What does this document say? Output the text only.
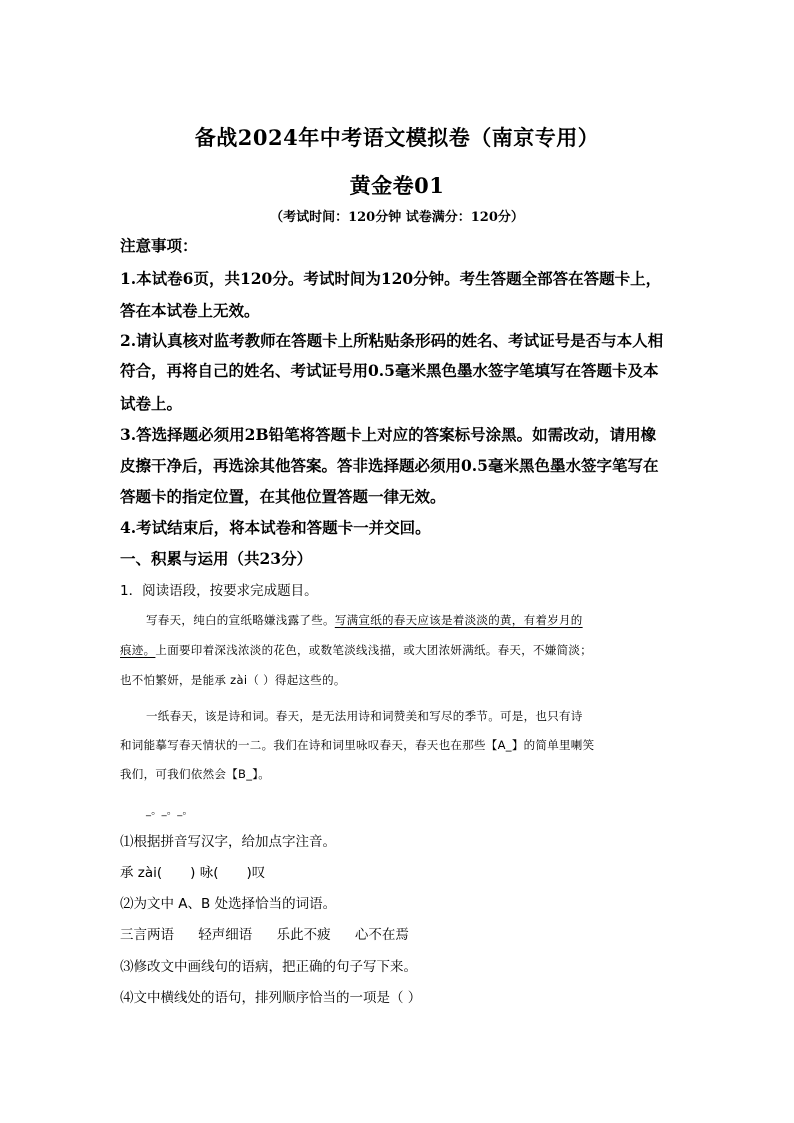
备战2024年中考语文模拟卷（南京专用）
黄金卷01
（考试时间：120分钟 试卷满分：120分）
注意事项：
1.本试卷6页，共120分。考试时间为120分钟。考生答题全部答在答题卡上，
答在本试卷上无效。
2.请认真核对监考教师在答题卡上所粘贴条形码的姓名、考试证号是否与本人相
符合，再将自己的姓名、考试证号用0.5毫米黑色墨水签字笔填写在答题卡及本
试卷上。
3.答选择题必须用2B铅笔将答题卡上对应的答案标号涂黑。如需改动，请用橡
皮擦干净后，再选涂其他答案。答非选择题必须用0.5毫米黑色墨水签字笔写在
答题卡的指定位置，在其他位置答题一律无效。
4.考试结束后，将本试卷和答题卡一并交回。
一、积累与运用（共23分）
1．阅读语段，按要求完成题目。
写春天，纯白的宣纸略嫌浅露了些。写满宣纸的春天应该是着淡淡的黄，有着岁月的
痕迹。上面要印着深浅浓淡的花色，或数笔淡线浅描，或大团浓妍满纸。春天，不嫌简淡；
也不怕繁妍，是能承 zài（ ）得起这些的。
一纸春天，该是诗和词。春天，是无法用诗和词赞美和写尽的季节。可是，也只有诗
和词能摹写春天情状的一二。我们在诗和词里咏叹春天，春天也在那些【A_】的简单里喇笑
我们，可我们依然会【B_】。
_。_。_。
⑴根据拼音写汉字，给加点字注音。
承 zài( ) 咏( )叹
⑵为文中 A、B 处选择恰当的词语。
三言两语 轻声细语 乐此不疲 心不在焉
⑶修改文中画线句的语病，把正确的句子写下来。
⑷文中横线处的语句，排列顺序恰当的一项是（ ）
